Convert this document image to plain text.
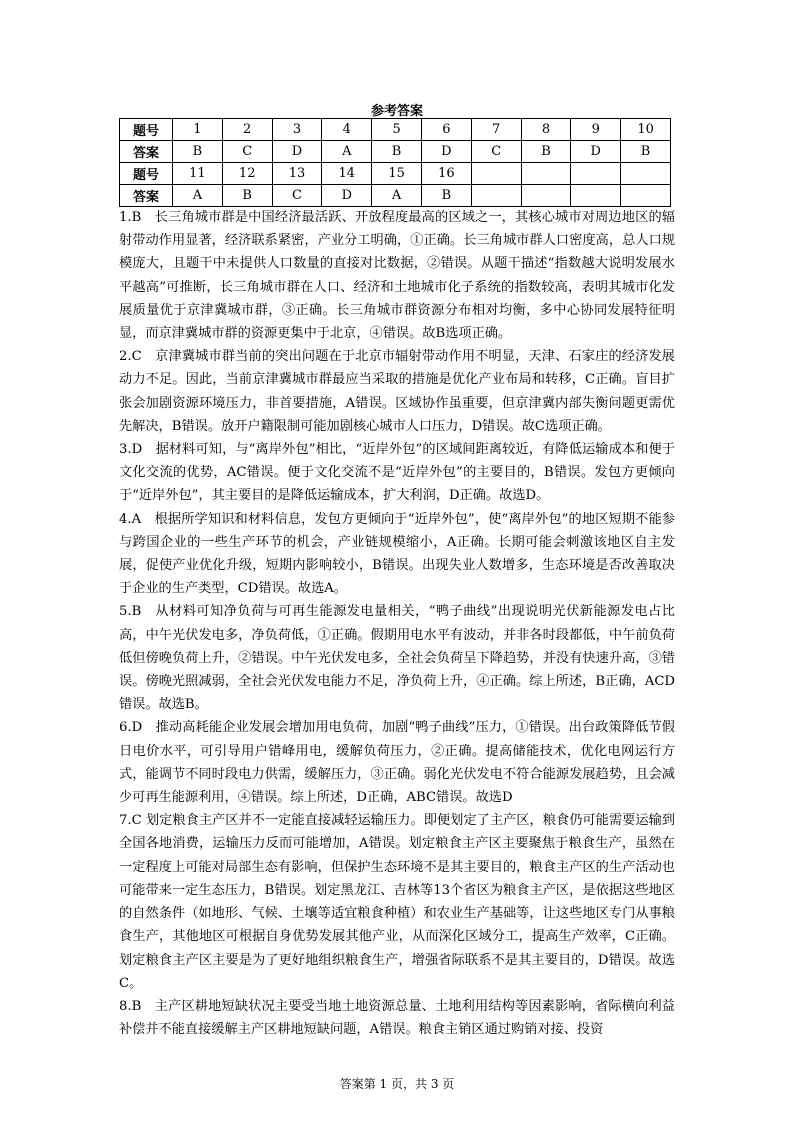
参考答案
题号	1	2	3	4	5	6	7	8	9	10
答案	B	C	D	A	B	D	C	B	D	B
题号	11	12	13	14	15	16				
答案	A	B	C	D	A	B				

1.B　长三角城市群是中国经济最活跃、开放程度最高的区域之一，其核心城市对周边地区的辐射带动作用显著，经济联系紧密，产业分工明确，①正确。长三角城市群人口密度高，总人口规模庞大，且题干中未提供人口数量的直接对比数据，②错误。从题干描述“指数越大说明发展水平越高”可推断，长三角城市群在人口、经济和土地城市化子系统的指数较高，表明其城市化发展质量优于京津冀城市群，③正确。长三角城市群资源分布相对均衡，多中心协同发展特征明显，而京津冀城市群的资源更集中于北京，④错误。故B选项正确。

2.C　京津冀城市群当前的突出问题在于北京市辐射带动作用不明显，天津、石家庄的经济发展动力不足。因此，当前京津冀城市群最应当采取的措施是优化产业布局和转移，C正确。盲目扩张会加剧资源环境压力，非首要措施，A错误。区域协作虽重要，但京津冀内部失衡问题更需优先解决，B错误。放开户籍限制可能加剧核心城市人口压力，D错误。故C选项正确。

3.D　据材料可知，与“离岸外包”相比，“近岸外包”的区域间距离较近，有降低运输成本和便于文化交流的优势，AC错误。便于文化交流不是“近岸外包”的主要目的，B错误。发包方更倾向于“近岸外包”，其主要目的是降低运输成本，扩大利润，D正确。故选D。

4.A　根据所学知识和材料信息，发包方更倾向于“近岸外包”，使“离岸外包”的地区短期不能参与跨国企业的一些生产环节的机会，产业链规模缩小，A正确。长期可能会刺激该地区自主发展，促使产业优化升级，短期内影响较小，B错误。出现失业人数增多，生态环境是否改善取决于企业的生产类型，CD错误。故选A。

5.B　从材料可知净负荷与可再生能源发电量相关，“鸭子曲线”出现说明光伏新能源发电占比高，中午光伏发电多，净负荷低，①正确。假期用电水平有波动，并非各时段都低，中午前负荷低但傍晚负荷上升，②错误。中午光伏发电多，全社会负荷呈下降趋势，并没有快速升高，③错误。傍晚光照减弱，全社会光伏发电能力不足，净负荷上升，④正确。综上所述，B正确，ACD错误。故选B。

6.D　推动高耗能企业发展会增加用电负荷，加剧“鸭子曲线”压力，①错误。出台政策降低节假日电价水平，可引导用户错峰用电，缓解负荷压力，②正确。提高储能技术，优化电网运行方式，能调节不同时段电力供需，缓解压力，③正确。弱化光伏发电不符合能源发展趋势，且会减少可再生能源利用，④错误。综上所述，D正确，ABC错误。故选D

7.C 划定粮食主产区并不一定能直接减轻运输压力。即便划定了主产区，粮食仍可能需要运输到全国各地消费，运输压力反而可能增加，A错误。划定粮食主产区主要聚焦于粮食生产，虽然在一定程度上可能对局部生态有影响，但保护生态环境不是其主要目的，粮食主产区的生产活动也可能带来一定生态压力，B错误。划定黑龙江、吉林等13个省区为粮食主产区，是依据这些地区的自然条件（如地形、气候、土壤等适宜粮食种植）和农业生产基础等，让这些地区专门从事粮食生产，其他地区可根据自身优势发展其他产业，从而深化区域分工，提高生产效率，C正确。划定粮食主产区主要是为了更好地组织粮食生产，增强省际联系不是其主要目的，D错误。故选C。

8.B　主产区耕地短缺状况主要受当地土地资源总量、土地利用结构等因素影响，省际横向利益补偿并不能直接缓解主产区耕地短缺问题，A错误。粮食主销区通过购销对接、投资

答案第 1 页，共 3 页
